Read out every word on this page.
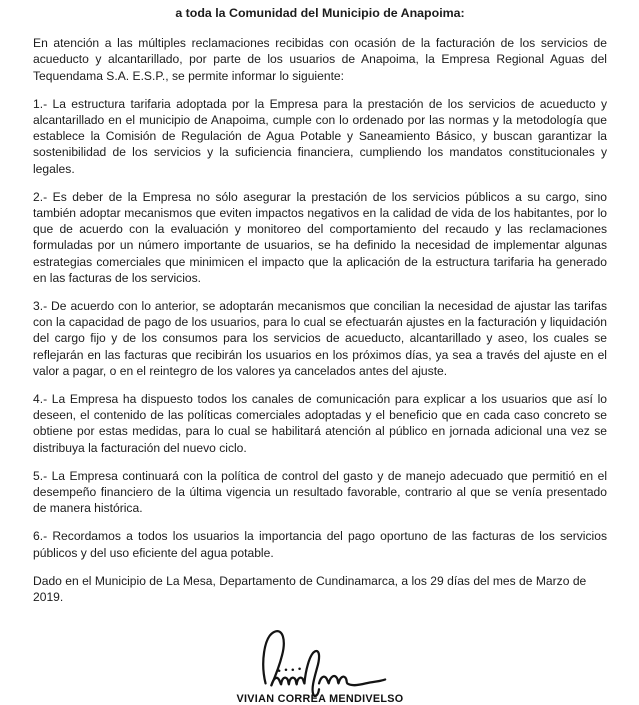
a toda la Comunidad del Municipio de Anapoima:

En atención a las múltiples reclamaciones recibidas con ocasión de la facturación de los servicios de acueducto y alcantarillado, por parte de los usuarios de Anapoima, la Empresa Regional Aguas del Tequendama S.A. E.S.P., se permite informar lo siguiente:

1.- La estructura tarifaria adoptada por la Empresa para la prestación de los servicios de acueducto y alcantarillado en el municipio de Anapoima, cumple con lo ordenado por las normas y la metodología que establece la Comisión de Regulación de Agua Potable y Saneamiento Básico, y buscan garantizar la sostenibilidad de los servicios y la suficiencia financiera, cumpliendo los mandatos constitucionales y legales.

2.- Es deber de la Empresa no sólo asegurar la prestación de los servicios públicos a su cargo, sino también adoptar mecanismos que eviten impactos negativos en la calidad de vida de los habitantes, por lo que de acuerdo con la evaluación y monitoreo del comportamiento del recaudo y las reclamaciones formuladas por un número importante de usuarios, se ha definido la necesidad de implementar algunas estrategias comerciales que minimicen el impacto que la aplicación de la estructura tarifaria ha generado en las facturas de los servicios.

3.- De acuerdo con lo anterior, se adoptarán mecanismos que concilian la necesidad de ajustar las tarifas con la capacidad de pago de los usuarios, para lo cual se efectuarán ajustes en la facturación y liquidación del cargo fijo y de los consumos para los servicios de acueducto, alcantarillado y aseo, los cuales se reflejarán en las facturas que recibirán los usuarios en los próximos días, ya sea a través del ajuste en el valor a pagar, o en el reintegro de los valores ya cancelados antes del ajuste.

4.- La Empresa ha dispuesto todos los canales de comunicación para explicar a los usuarios que así lo deseen, el contenido de las políticas comerciales adoptadas y el beneficio que en cada caso concreto se obtiene por estas medidas, para lo cual se habilitará atención al público en jornada adicional una vez se distribuya la facturación del nuevo ciclo.

5.- La Empresa continuará con la política de control del gasto y de manejo adecuado que permitió en el desempeño financiero de la última vigencia un resultado favorable, contrario al que se venía presentado de manera histórica.

6.- Recordamos a todos los usuarios la importancia del pago oportuno de las facturas de los servicios públicos y del uso eficiente del agua potable.

Dado en el Municipio de La Mesa, Departamento de Cundinamarca, a los 29 días del mes de Marzo de 2019.

VIVIAN CORREA MENDIVELSO
